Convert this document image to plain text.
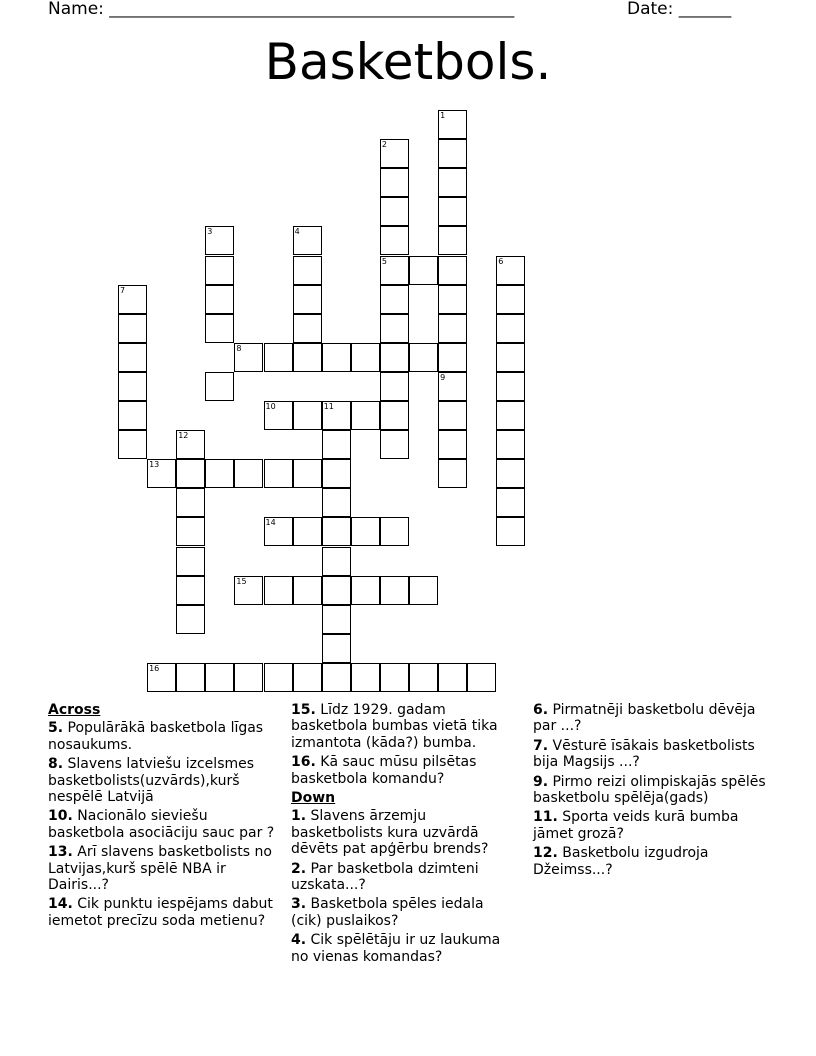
Name: ______________________________________________________	Date: _______
Basketbols.
1
2
3	4
5	6
7
8
9
10	11
12
13
14
15
16
Across
5. Populārākā basketbola līgas nosaukums.
8. Slavens latviešu izcelsmes basketbolists(uzvārds),kurš nespēlē Latvijā
10. Nacionālo sieviešu basketbola asociāciju sauc par ?
13. Arī slavens basketbolists no Latvijas,kurš spēlē NBA ir Dairis...?
14. Cik punktu iespējams dabut iemetot precīzu soda metienu?
15. Līdz 1929. gadam basketbola bumbas vietā tika izmantota (kāda?) bumba.
16. Kā sauc mūsu pilsētas basketbola komandu?
Down
1. Slavens ārzemju basketbolists kura uzvārdā dēvēts pat apģērbu brends?
2. Par basketbola dzimteni uzskata...?
3. Basketbola spēles iedala (cik) puslaikos?
4. Cik spēlētāju ir uz laukuma no vienas komandas?
6. Pirmatnēji basketbolu dēvēja par ...?
7. Vēsturē īsākais basketbolists bija Magsijs ...?
9. Pirmo reizi olimpiskajās spēlēs basketbolu spēlēja(gads)
11. Sporta veids kurā bumba jāmet grozā?
12. Basketbolu izgudroja Džeimss...?
